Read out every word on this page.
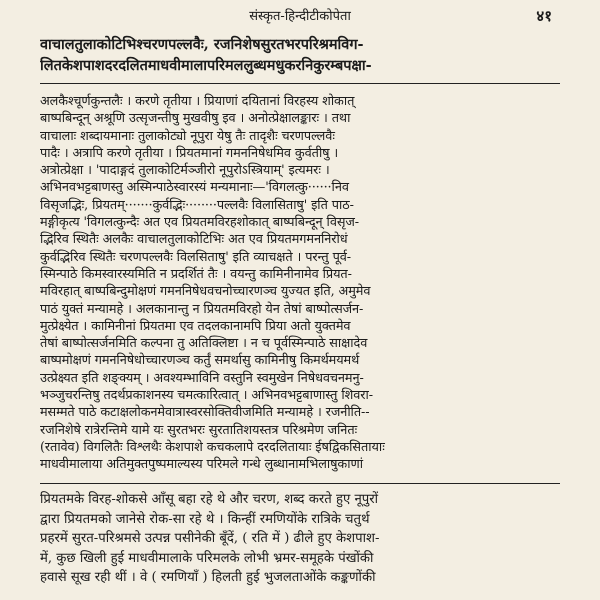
संस्कृत-हिन्दीटीकोपेता	४१
वाचालतुलाकोटिभिश्चरणपल्लवैः, रजनिशेषसुरतभरपरिश्रमविग-
लितकेशपाशदरदलितमाधवीमालापरिमललुब्धमधुकरनिकुरम्बपक्षा-
अलकैश्चूर्णकुन्तलैः । करणे तृतीया । प्रियाणां दयितानां विरहस्य शोकात्
बाष्पबिन्दून् अश्रूणि उत्सृजन्तीषु मुखवीषु इव । अनोत्प्रेक्षालङ्कारः । तथा
वाचालाः शब्दायमानाः तुलाकोट्यो नूपुरा येषु तैः तादृशैः चरणपल्लवैः
पादैः । अत्रापि करणे तृतीया । प्रियतमानां गमननिषेधमिव कुर्वतीषु ।
अत्रोत्प्रेक्षा । 'पादाङ्गदं तुलाकोटिर्मञ्जीरो नूपुरोऽस्त्रियाम्' इत्यमरः ।
अभिनवभट्टबाणस्तु अस्मिन्पाठेस्वारस्यं मन्यमानाः—'विगलत्कु······निव
विसृजद्भिः, प्रियतम्·······कुर्वद्भिः········पल्लवैः विलासिताषु' इति पाठ-
मङ्गीकृत्य 'विगलत्कुन्दैः अत एव प्रियतमविरहशोकात् बाष्पबिन्दून् विसृज-
द्भिरिव स्थितैः अलकैः वाचालतुलाकोटिभिः अत एव प्रियतमगमननिरोधं
कुर्वद्भिरिव स्थितैः चरणपल्लवैः विलसिताषु' इति व्याचक्षते । परन्तु पूर्व-
स्मिन्पाठे किमस्वारस्यमिति न प्रदर्शितं तैः । वयन्तु कामिनीनामेव प्रियत-
मविरहात् बाष्पबिन्दुमोक्षणं गमननिषेधवचनोच्चारणञ्च युज्यत इति, अमुमेव
पाठं युक्तं मन्यामहे । अलकानान्तु न प्रियतमविरहो येन तेषां बाष्पोत्सर्जन-
मुत्प्रेक्ष्येत । कामिनीनां प्रियतमा एव तदलकानामपि प्रिया अतो युक्तमेव
तेषां बाष्पोत्सर्जनमिति कल्पना तु अतिक्लिष्टा । न च पूर्वस्मिन्पाठे साक्षादेव
बाष्पमोक्षणं गमननिषेधोच्चारणञ्च कर्तुं समर्थासु कामिनीषु किमर्थमयमर्थ
उत्प्रेक्ष्यत इति शङ्क्यम् । अवश्यम्भाविनि वस्तुनि स्वमुखेन निषेधवचनमनु-
भञ्जुचरन्तिषु तदर्थप्रकाशनस्य चमत्कारित्वात् । अभिनवभट्टबाणास्तु शिवरा-
मसम्मते पाठे कटाक्षलोकनमेवात्रास्वरसोक्तिवीजमिति मन्यामहे । रजनीति--
रजनिशेषे रात्रेरन्तिमे यामे यः सुरतभरः सुरतातिशयस्तत्र परिश्रमेण जनितः
(रतावेव) विगलितैः विश्लथैः केशपाशे कचकलापे दरदलितायाः ईषद्विकसितायाः
माधवीमालाया अतिमुक्तपुष्पमाल्यस्य परिमले गन्धे लुब्धानामभिलाषुकाणां
प्रियतमके विरह-शोकसे आँसू बहा रहे थे और चरण, शब्द करते हुए नूपुरों
द्वारा प्रियतमको जानेसे रोक-सा रहे थे । किन्हीं रमणियोंके रात्रिके चतुर्थ
प्रहरमें सुरत-परिश्रमसे उत्पन्न पसीनेकी बूँदें, ( रति में ) ढीले हुए केशपाश-
में, कुछ खिली हुई माधवीमालाके परिमलके लोभी भ्रमर-समूहके पंखोंकी
हवासे सूख रही थीं । वे ( रमणियाँ ) हिलती हुई भुजलताओंके कङ्कणोंकी
